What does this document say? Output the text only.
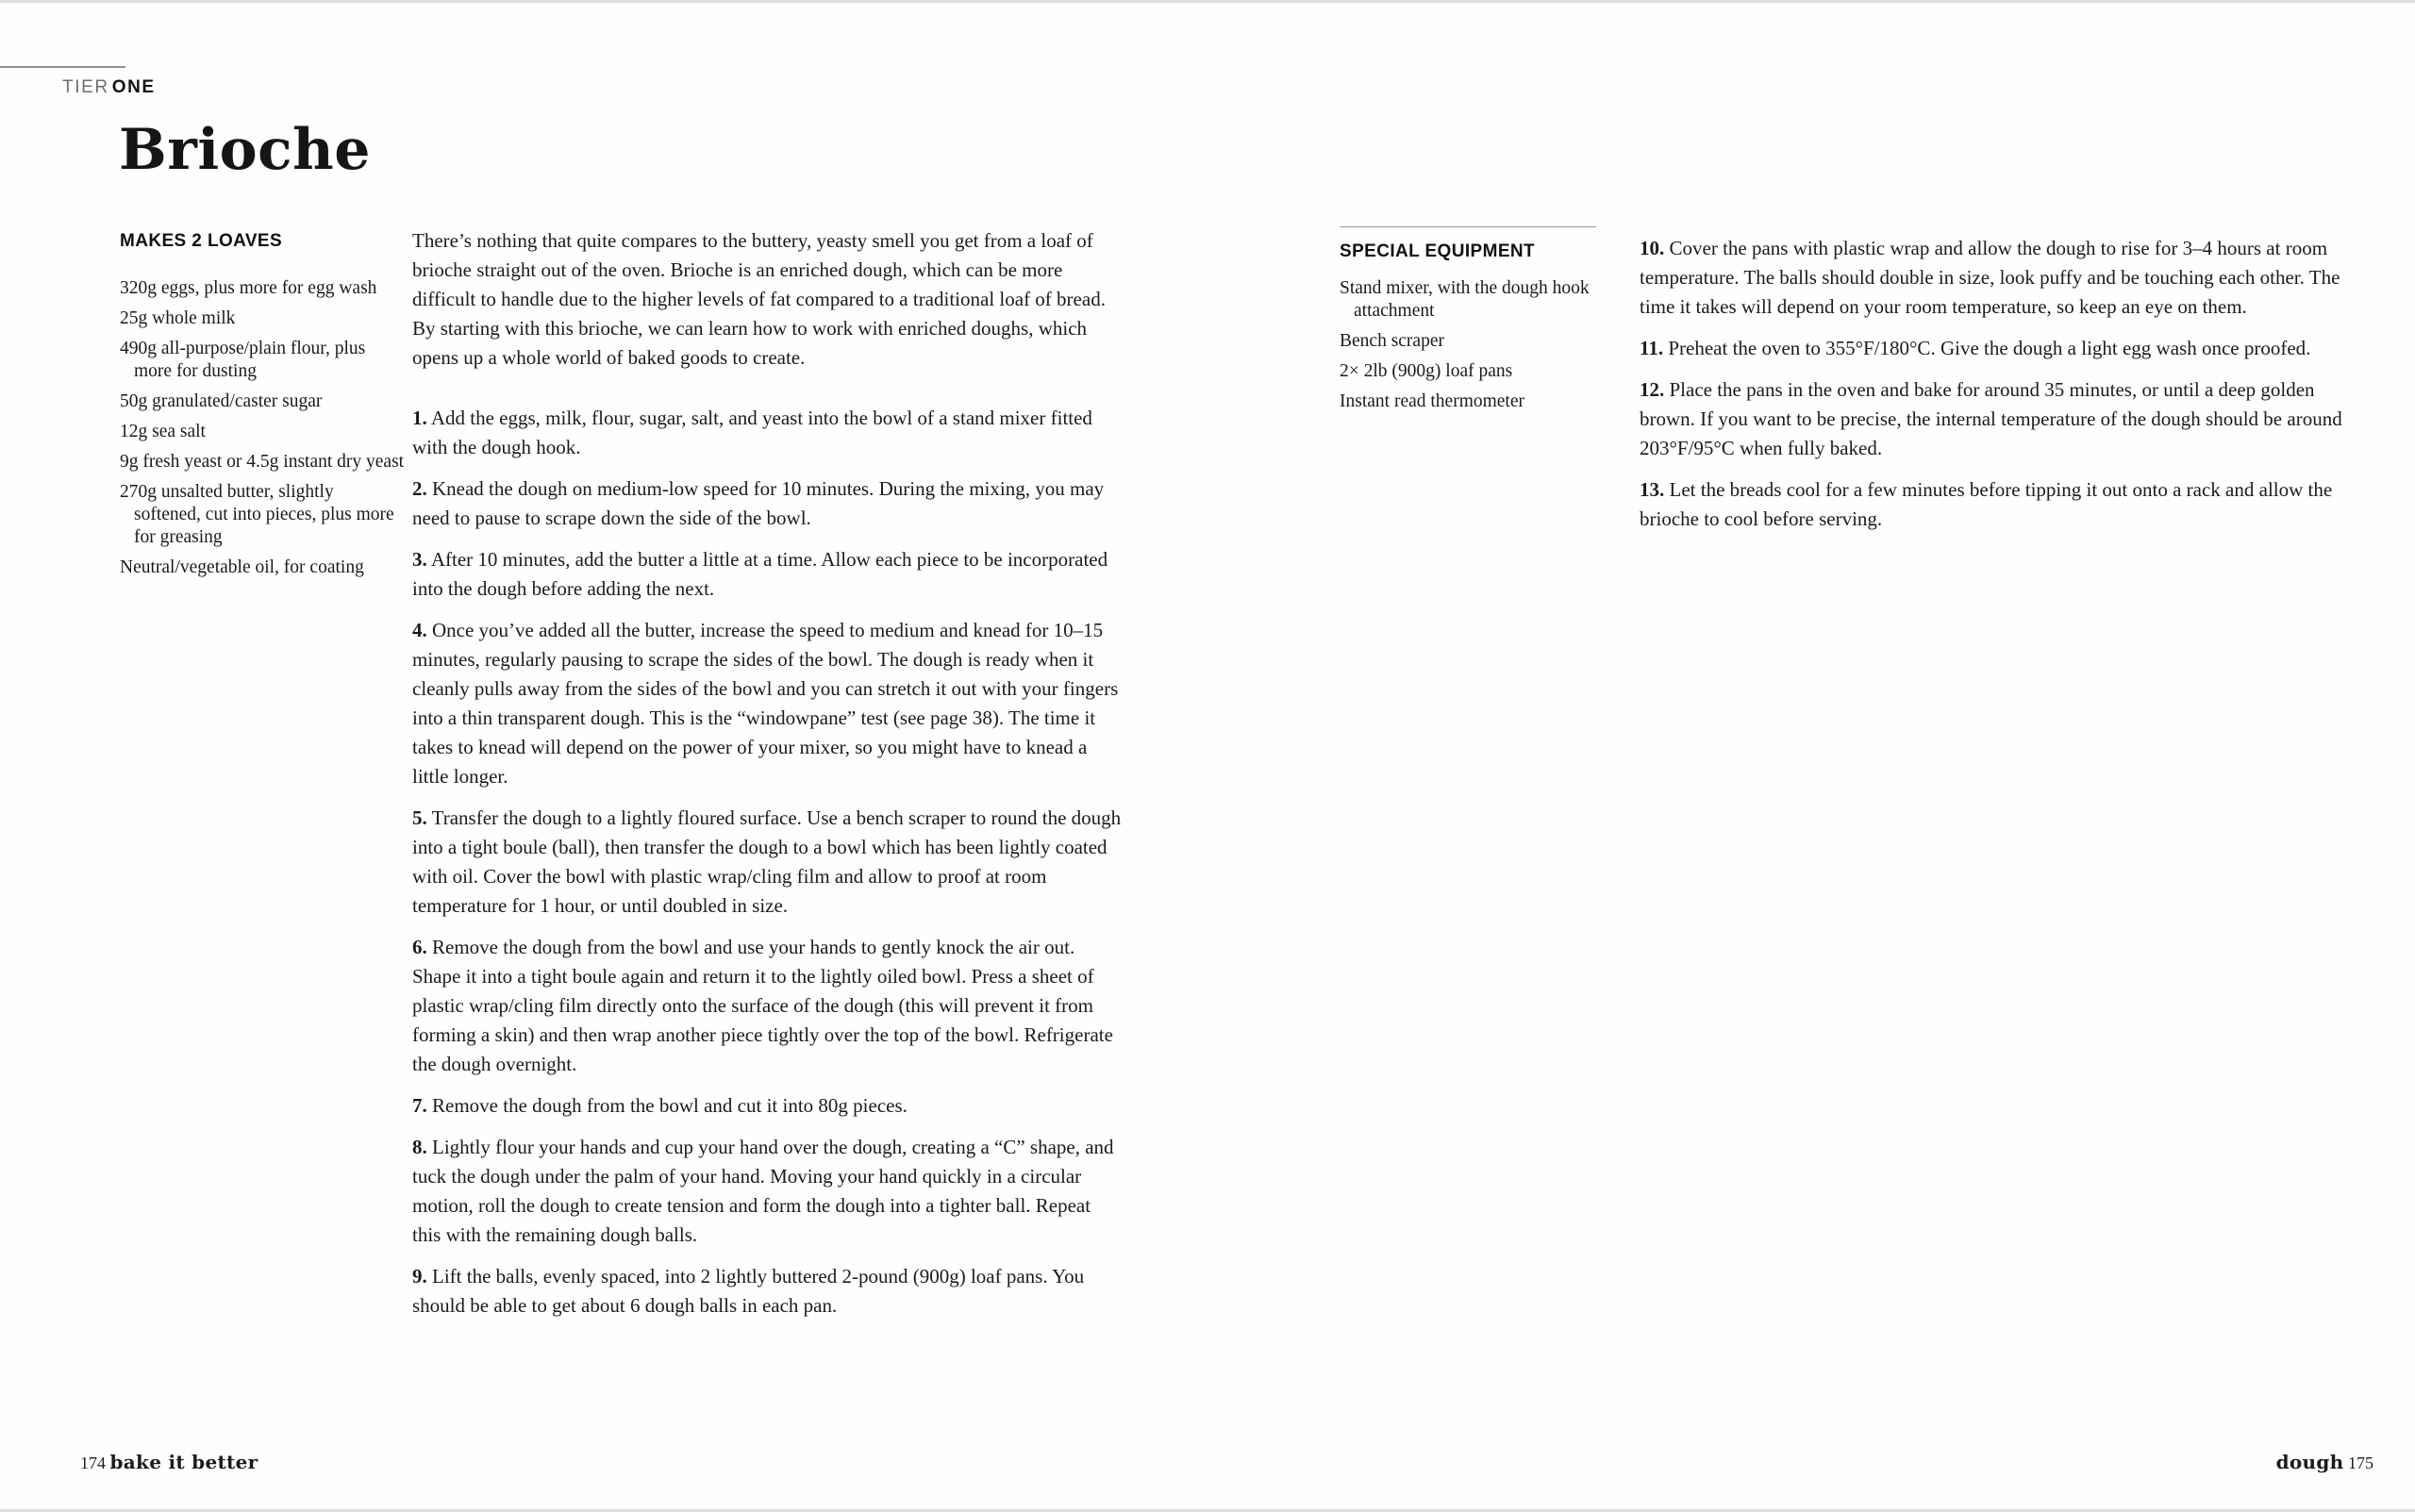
TIER ONE
Brioche
MAKES 2 LOAVES

320g eggs, plus more for egg wash

25g whole milk

490g all-purpose/plain flour, plus more for dusting

50g granulated/caster sugar

12g sea salt

9g fresh yeast or 4.5g instant dry yeast

270g unsalted butter, slightly softened, cut into pieces, plus more for greasing

Neutral/vegetable oil, for coating

There’s nothing that quite compares to the buttery, yeasty smell you get from a loaf of brioche straight out of the oven. Brioche is an enriched dough, which can be more difficult to handle due to the higher levels of fat compared to a traditional loaf of bread. By starting with this brioche, we can learn how to work with enriched doughs, which opens up a whole world of baked goods to create.

1. Add the eggs, milk, flour, sugar, salt, and yeast into the bowl of a stand mixer fitted with the dough hook.

2. Knead the dough on medium-low speed for 10 minutes. During the mixing, you may need to pause to scrape down the side of the bowl.

3. After 10 minutes, add the butter a little at a time. Allow each piece to be incorporated into the dough before adding the next.

4. Once you’ve added all the butter, increase the speed to medium and knead for 10–15 minutes, regularly pausing to scrape the sides of the bowl. The dough is ready when it cleanly pulls away from the sides of the bowl and you can stretch it out with your fingers into a thin transparent dough. This is the “windowpane” test (see page 38). The time it takes to knead will depend on the power of your mixer, so you might have to knead a little longer.

5. Transfer the dough to a lightly floured surface. Use a bench scraper to round the dough into a tight boule (ball), then transfer the dough to a bowl which has been lightly coated with oil. Cover the bowl with plastic wrap/cling film and allow to proof at room temperature for 1 hour, or until doubled in size.

6. Remove the dough from the bowl and use your hands to gently knock the air out. Shape it into a tight boule again and return it to the lightly oiled bowl. Press a sheet of plastic wrap/cling film directly onto the surface of the dough (this will prevent it from forming a skin) and then wrap another piece tightly over the top of the bowl. Refrigerate the dough overnight.

7. Remove the dough from the bowl and cut it into 80g pieces.

8. Lightly flour your hands and cup your hand over the dough, creating a “C” shape, and tuck the dough under the palm of your hand. Moving your hand quickly in a circular motion, roll the dough to create tension and form the dough into a tighter ball. Repeat this with the remaining dough balls.

9. Lift the balls, evenly spaced, into 2 lightly buttered 2-pound (900g) loaf pans. You should be able to get about 6 dough balls in each pan.

SPECIAL EQUIPMENT

Stand mixer, with the dough hook attachment

Bench scraper

2× 2lb (900g) loaf pans

Instant read thermometer

10. Cover the pans with plastic wrap and allow the dough to rise for 3–4 hours at room temperature. The balls should double in size, look puffy and be touching each other. The time it takes will depend on your room temperature, so keep an eye on them.

11. Preheat the oven to 355°F/180°C. Give the dough a light egg wash once proofed.

12. Place the pans in the oven and bake for around 35 minutes, or until a deep golden brown. If you want to be precise, the internal temperature of the dough should be around 203°F/95°C when fully baked.

13. Let the breads cool for a few minutes before tipping it out onto a rack and allow the brioche to cool before serving.

174 bake it better	dough 175
